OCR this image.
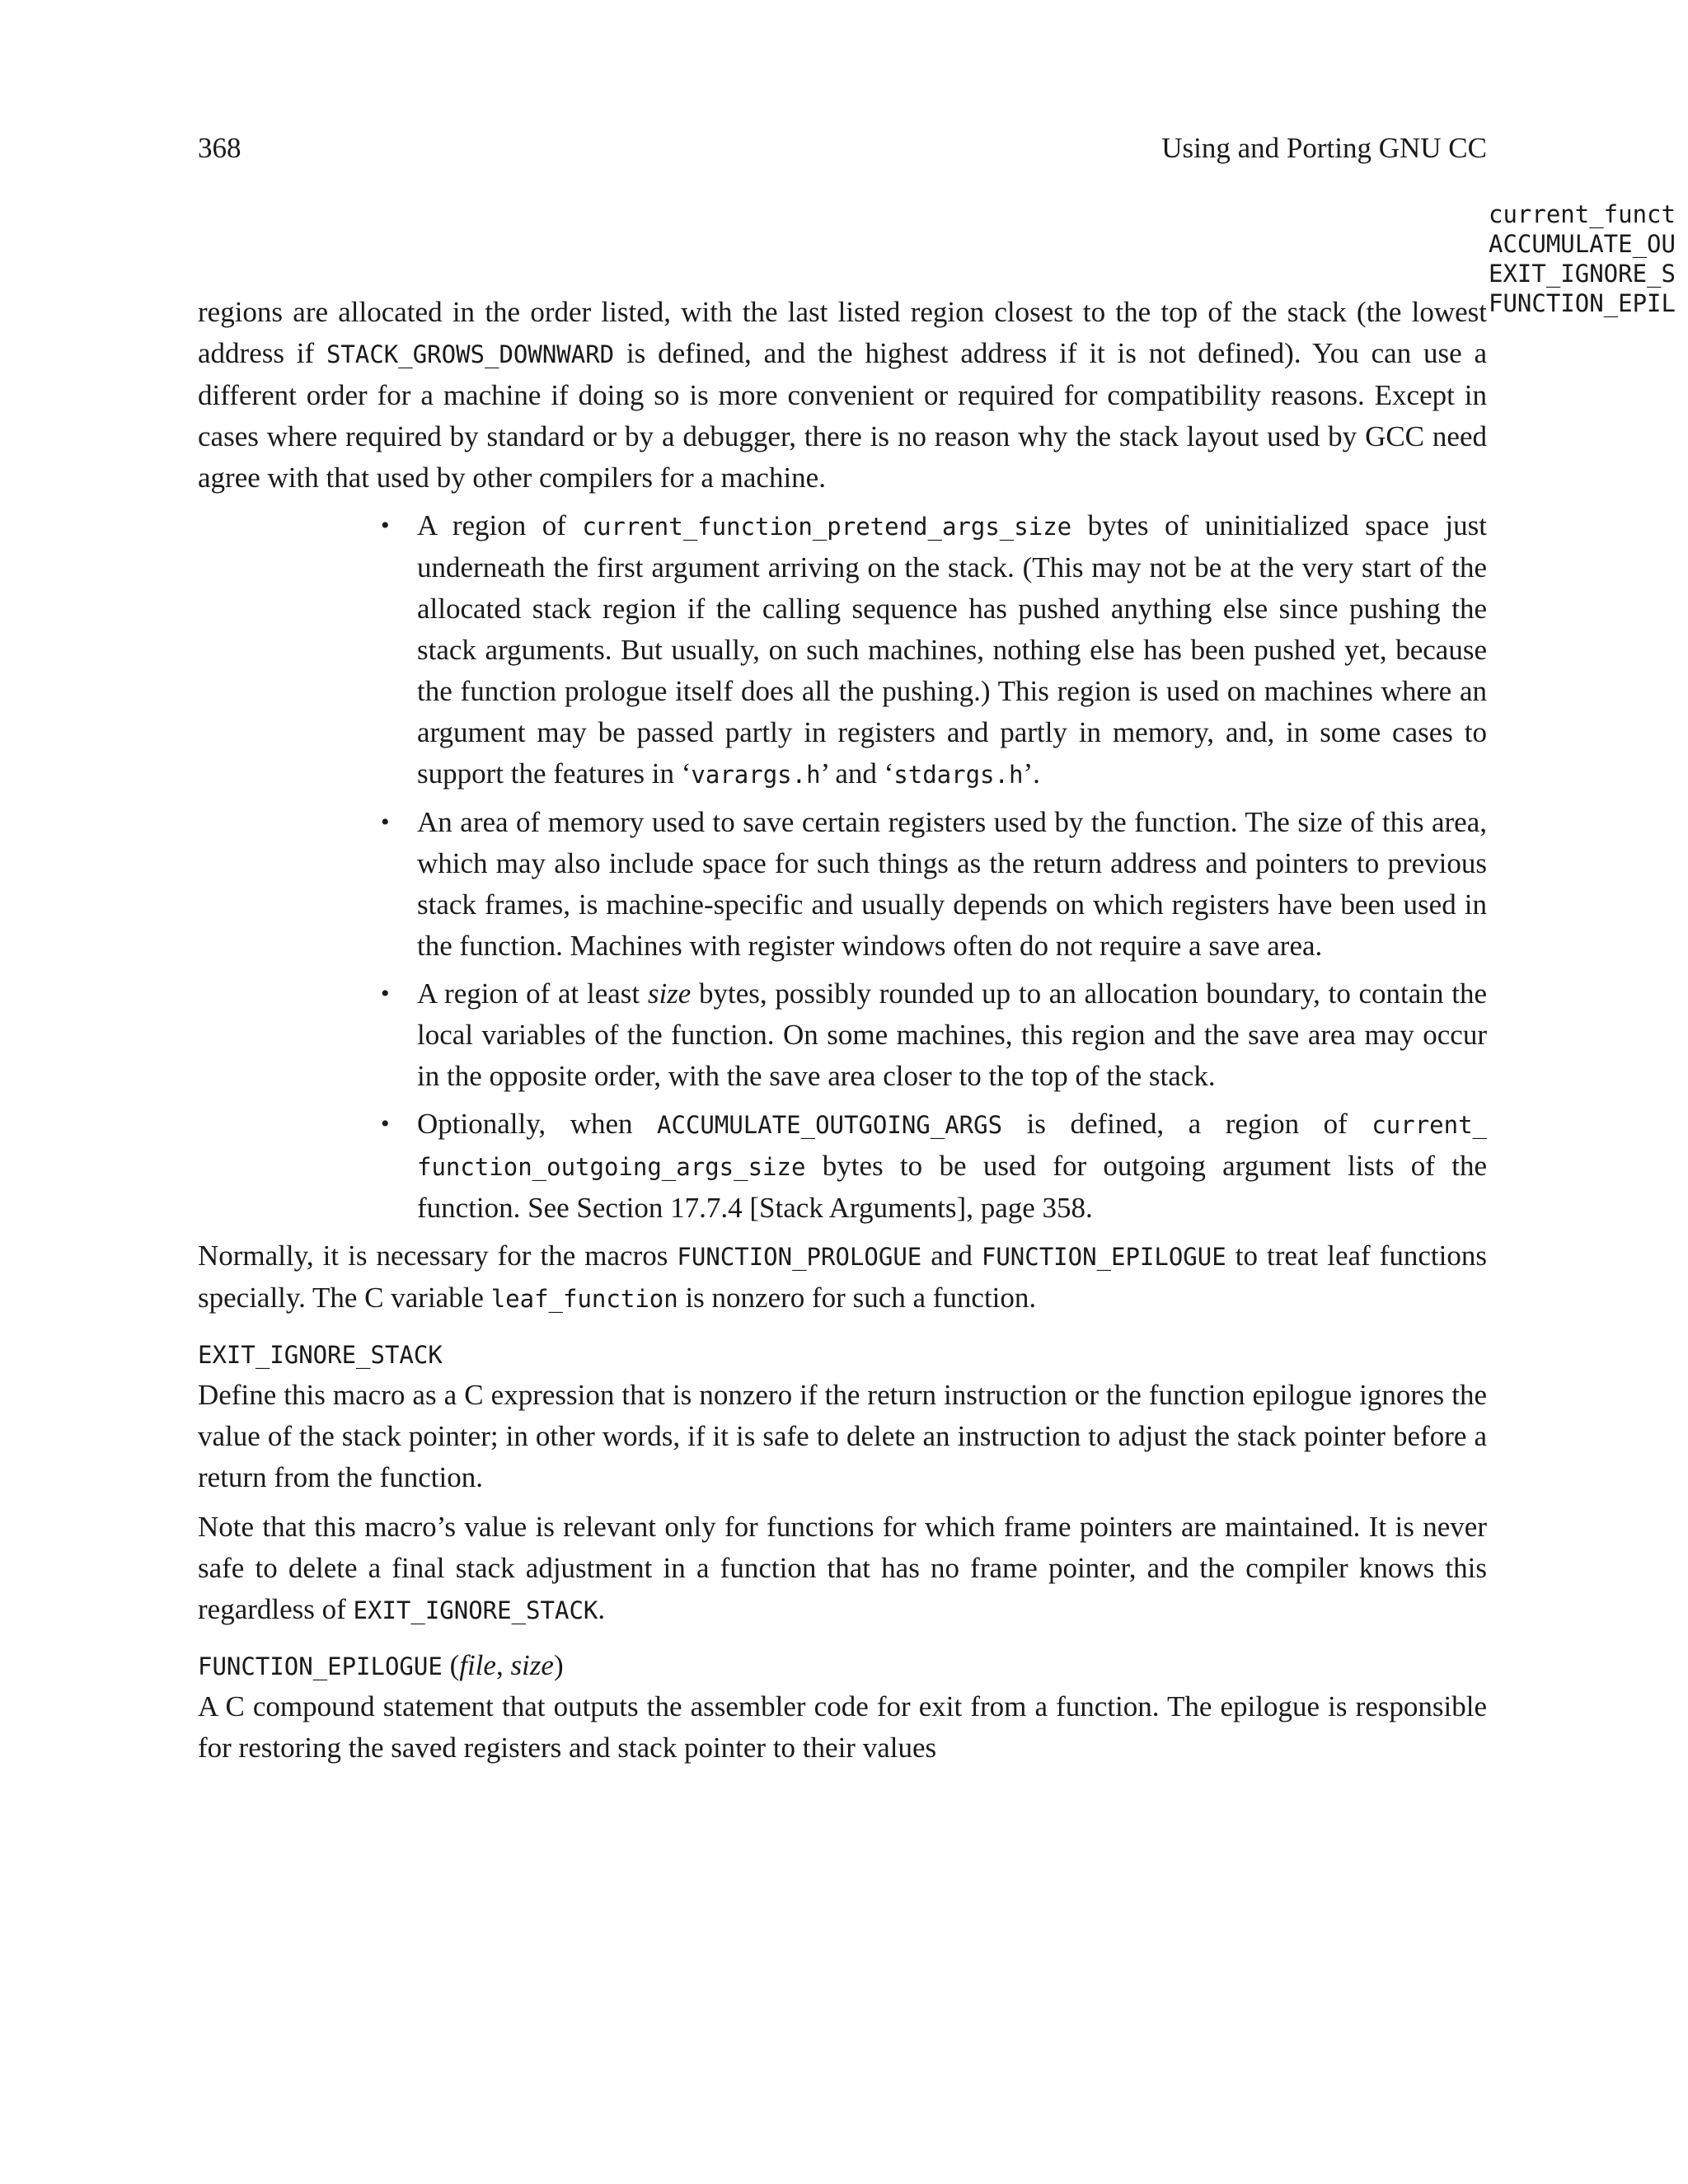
368	Using and Porting GNU CC
current_funct
ACCUMULATE_OU
EXIT_IGNORE_S
FUNCTION_EPIL

regions are allocated in the order listed, with the last listed region closest to the top of the stack (the lowest address if STACK_GROWS_DOWNWARD is defined, and the highest address if it is not defined). You can use a different order for a machine if doing so is more convenient or required for compatibility reasons. Except in cases where required by standard or by a debugger, there is no reason why the stack layout used by GCC need agree with that used by other compilers for a machine.

• A region of current_function_pretend_args_size bytes of uninitialized space just underneath the first argument arriving on the stack. (This may not be at the very start of the allocated stack region if the calling sequence has pushed anything else since pushing the stack arguments. But usually, on such machines, nothing else has been pushed yet, because the function prologue itself does all the pushing.) This region is used on machines where an argument may be passed partly in registers and partly in memory, and, in some cases to support the features in ‘varargs.h’ and ‘stdargs.h’.
• An area of memory used to save certain registers used by the function. The size of this area, which may also include space for such things as the return address and pointers to previous stack frames, is machine-specific and usually depends on which registers have been used in the function. Machines with register windows often do not require a save area.
• A region of at least size bytes, possibly rounded up to an allocation boundary, to contain the local variables of the function. On some machines, this region and the save area may occur in the opposite order, with the save area closer to the top of the stack.
• Optionally, when ACCUMULATE_OUTGOING_ARGS is defined, a region of current_ function_outgoing_args_size bytes to be used for outgoing argument lists of the function. See Section 17.7.4 [Stack Arguments], page 358.

Normally, it is necessary for the macros FUNCTION_PROLOGUE and FUNCTION_EPILOGUE to treat leaf functions specially. The C variable leaf_function is nonzero for such a function.

EXIT_IGNORE_STACK

Define this macro as a C expression that is nonzero if the return instruction or the function epilogue ignores the value of the stack pointer; in other words, if it is safe to delete an instruction to adjust the stack pointer before a return from the function.

Note that this macro’s value is relevant only for functions for which frame pointers are maintained. It is never safe to delete a final stack adjustment in a function that has no frame pointer, and the compiler knows this regardless of EXIT_IGNORE_STACK.

FUNCTION_EPILOGUE (file, size)

A C compound statement that outputs the assembler code for exit from a function. The epilogue is responsible for restoring the saved registers and stack pointer to their values
